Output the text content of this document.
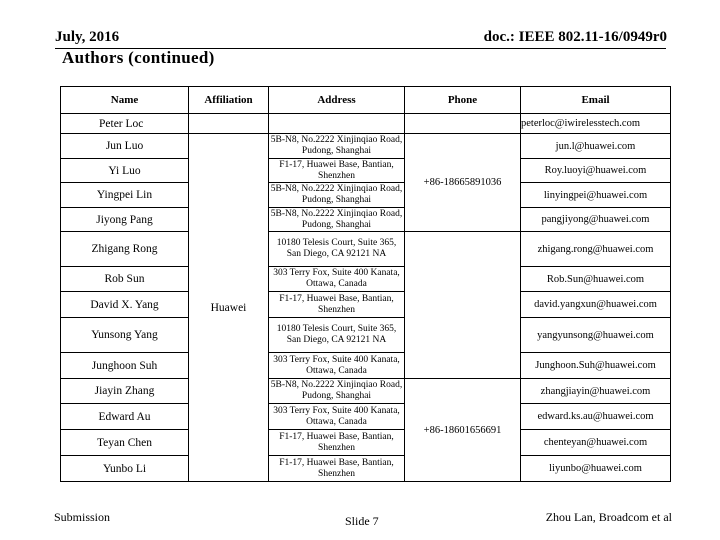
July, 2016	doc.: IEEE 802.11-16/0949r0
Authors (continued)
Name	Affiliation	Address	Phone	Email
Peter Loc				peterloc@iwirelesstech.com
Jun Luo	Huawei	5B-N8, No.2222 Xinjinqiao Road, Pudong, Shanghai	+86-18665891036	jun.l@huawei.com
Yi Luo		F1-17, Huawei Base, Bantian, Shenzhen		Roy.luoyi@huawei.com
Yingpei Lin		5B-N8, No.2222 Xinjinqiao Road, Pudong, Shanghai		linyingpei@huawei.com
Jiyong Pang		5B-N8, No.2222 Xinjinqiao Road, Pudong, Shanghai		pangjiyong@huawei.com
Zhigang Rong		10180 Telesis Court, Suite 365, San Diego, CA 92121 NA		zhigang.rong@huawei.com
Rob Sun		303 Terry Fox, Suite 400 Kanata, Ottawa, Canada		Rob.Sun@huawei.com
David X. Yang		F1-17, Huawei Base, Bantian, Shenzhen		david.yangxun@huawei.com
Yunsong Yang		10180 Telesis Court, Suite 365, San Diego, CA 92121 NA		yangyunsong@huawei.com
Junghoon Suh		303 Terry Fox, Suite 400 Kanata, Ottawa, Canada		Junghoon.Suh@huawei.com
Jiayin Zhang		5B-N8, No.2222 Xinjinqiao Road, Pudong, Shanghai	+86-18601656691	zhangjiayin@huawei.com
Edward Au		303 Terry Fox, Suite 400 Kanata, Ottawa, Canada		edward.ks.au@huawei.com
Teyan Chen		F1-17, Huawei Base, Bantian, Shenzhen		chenteyan@huawei.com
Yunbo Li		F1-17, Huawei Base, Bantian, Shenzhen		liyunbo@huawei.com
Submission	Slide 7	Zhou Lan, Broadcom et al
